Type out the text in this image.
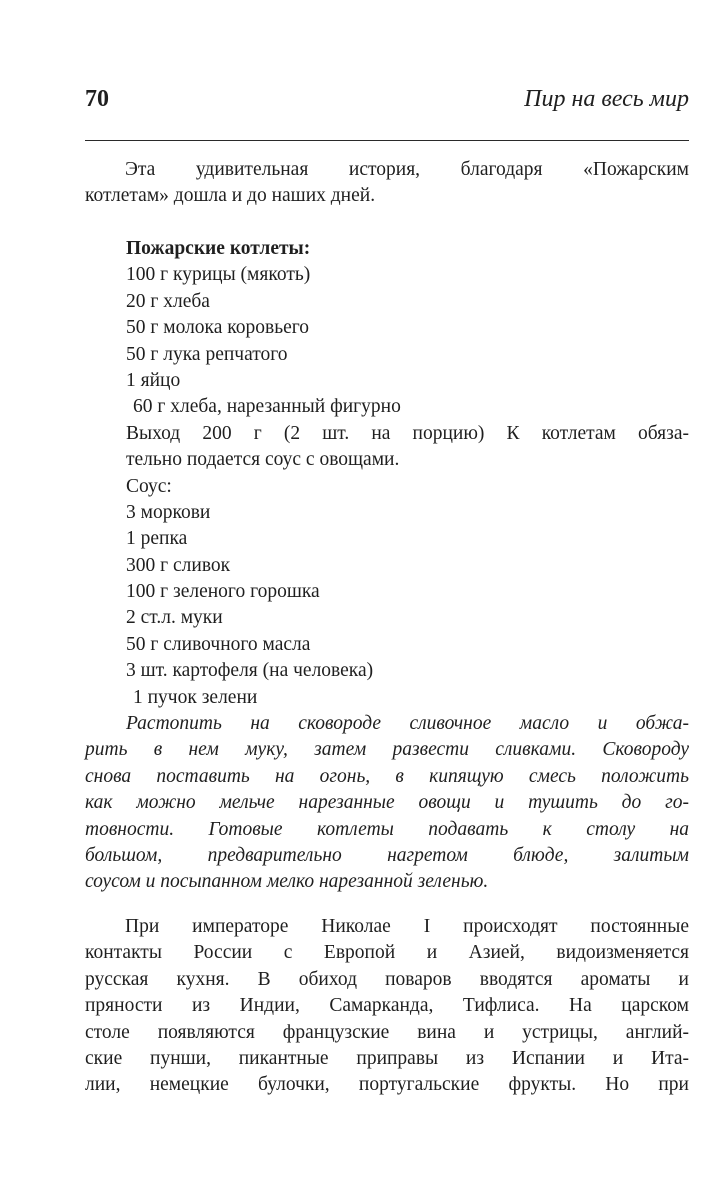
70	Пир на весь мир
Эта удивительная история, благодаря «Пожарским
котлетам» дошла и до наших дней.
Пожарские котлеты:
100 г курицы (мякоть)
20 г хлеба
50 г молока коровьего
50 г лука репчатого
1 яйцо
60 г хлеба, нарезанный фигурно
Выход 200 г (2 шт. на порцию) К котлетам обяза-
тельно подается соус с овощами.
Соус:
3 моркови
1 репка
300 г сливок
100 г зеленого горошка
2 ст.л. муки
50 г сливочного масла
3 шт. картофеля (на человека)
1 пучок зелени
Растопить на сковороде сливочное масло и обжа-
рить в нем муку, затем развести сливками. Сковороду
снова поставить на огонь, в кипящую смесь положить
как можно мельче нарезанные овощи и тушить до го-
товности. Готовые котлеты подавать к столу на
большом, предварительно нагретом блюде, залитым
соусом и посыпанном мелко нарезанной зеленью.
При императоре Николае I происходят постоянные
контакты России с Европой и Азией, видоизменяется
русская кухня. В обиход поваров вводятся ароматы и
пряности из Индии, Самарканда, Тифлиса. На царском
столе появляются французские вина и устрицы, англий-
ские пунши, пикантные приправы из Испании и Ита-
лии, немецкие булочки, португальские фрукты. Но при
